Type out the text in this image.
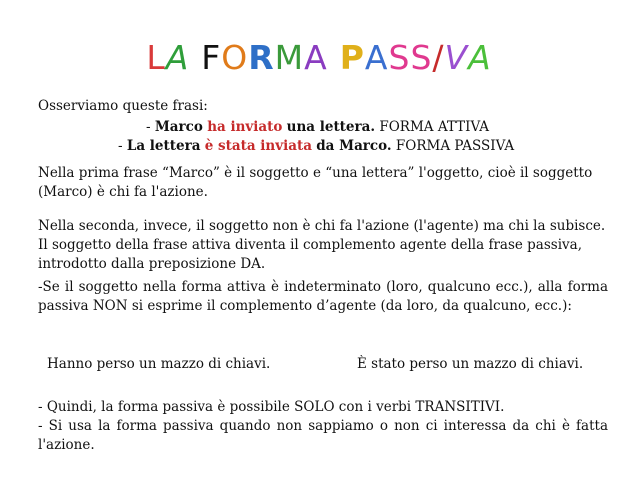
LA FORMA PASS/VA
Osserviamo queste frasi:
- Marco ha inviato una lettera. FORMA ATTIVA
- La lettera è stata inviata da Marco. FORMA PASSIVA
Nella prima frase “Marco” è il soggetto e “una lettera” l'oggetto, cioè il soggetto
(Marco) è chi fa l'azione.
Nella seconda, invece, il soggetto non è chi fa l'azione (l'agente) ma chi la subisce.
Il soggetto della frase attiva diventa il complemento agente della frase passiva,
introdotto dalla preposizione DA.
-Se il soggetto nella forma attiva è indeterminato (loro, qualcuno ecc.), alla forma passiva NON si esprime il complemento d’agente (da loro, da qualcuno, ecc.):
Hanno perso un mazzo di chiavi.	È stato perso un mazzo di chiavi.
- Quindi, la forma passiva è possibile SOLO con i verbi TRANSITIVI.
- Si usa la forma passiva quando non sappiamo o non ci interessa da chi è fatta l'azione.
